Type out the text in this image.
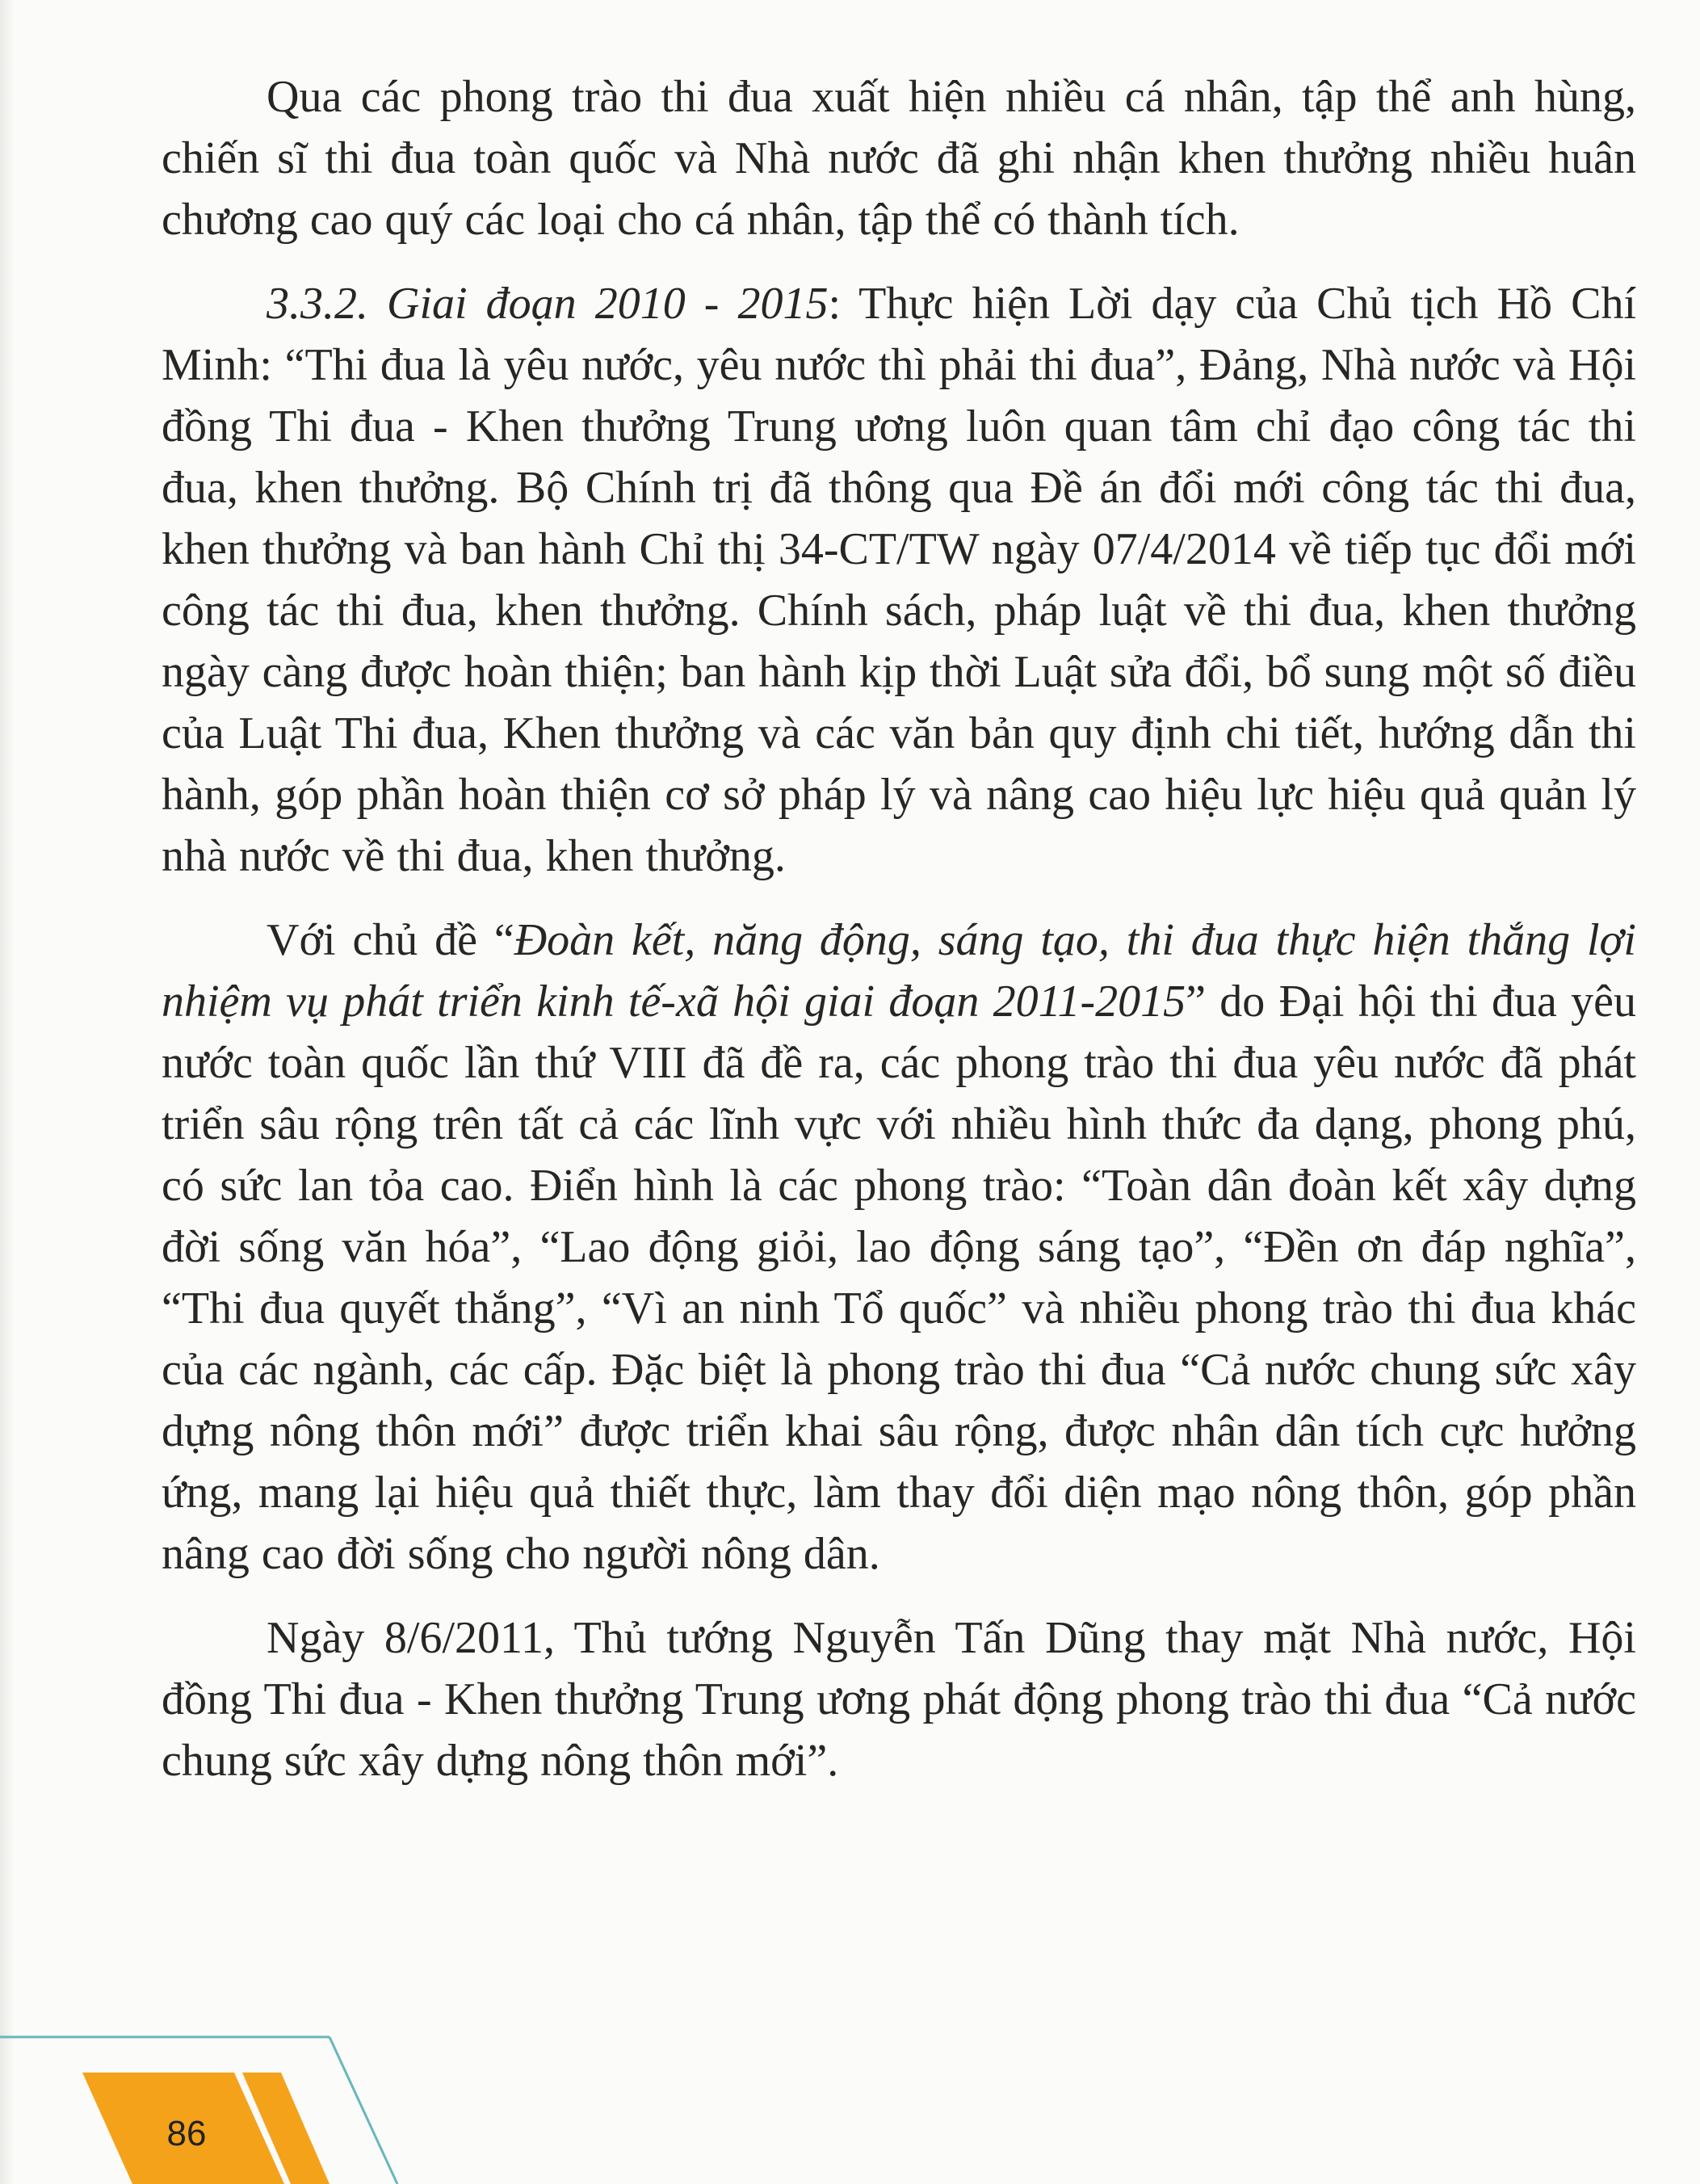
Qua các phong trào thi đua xuất hiện nhiều cá nhân, tập thể anh hùng, chiến sĩ thi đua toàn quốc và Nhà nước đã ghi nhận khen thưởng nhiều huân chương cao quý các loại cho cá nhân, tập thể có thành tích.

3.3.2. Giai đoạn 2010 - 2015: Thực hiện Lời dạy của Chủ tịch Hồ Chí Minh: “Thi đua là yêu nước, yêu nước thì phải thi đua”, Đảng, Nhà nước và Hội đồng Thi đua - Khen thưởng Trung ương luôn quan tâm chỉ đạo công tác thi đua, khen thưởng. Bộ Chính trị đã thông qua Đề án đổi mới công tác thi đua, khen thưởng và ban hành Chỉ thị 34-CT/TW ngày 07/4/2014 về tiếp tục đổi mới công tác thi đua, khen thưởng. Chính sách, pháp luật về thi đua, khen thưởng ngày càng được hoàn thiện; ban hành kịp thời Luật sửa đổi, bổ sung một số điều của Luật Thi đua, Khen thưởng và các văn bản quy định chi tiết, hướng dẫn thi hành, góp phần hoàn thiện cơ sở pháp lý và nâng cao hiệu lực hiệu quả quản lý nhà nước về thi đua, khen thưởng.

Với chủ đề “Đoàn kết, năng động, sáng tạo, thi đua thực hiện thắng lợi nhiệm vụ phát triển kinh tế-xã hội giai đoạn 2011-2015” do Đại hội thi đua yêu nước toàn quốc lần thứ VIII đã đề ra, các phong trào thi đua yêu nước đã phát triển sâu rộng trên tất cả các lĩnh vực với nhiều hình thức đa dạng, phong phú, có sức lan tỏa cao. Điển hình là các phong trào: “Toàn dân đoàn kết xây dựng đời sống văn hóa”, “Lao động giỏi, lao động sáng tạo”, “Đền ơn đáp nghĩa”, “Thi đua quyết thắng”, “Vì an ninh Tổ quốc” và nhiều phong trào thi đua khác của các ngành, các cấp. Đặc biệt là phong trào thi đua “Cả nước chung sức xây dựng nông thôn mới” được triển khai sâu rộng, được nhân dân tích cực hưởng ứng, mang lại hiệu quả thiết thực, làm thay đổi diện mạo nông thôn, góp phần nâng cao đời sống cho người nông dân.

Ngày 8/6/2011, Thủ tướng Nguyễn Tấn Dũng thay mặt Nhà nước, Hội đồng Thi đua - Khen thưởng Trung ương phát động phong trào thi đua “Cả nước chung sức xây dựng nông thôn mới”.

86
